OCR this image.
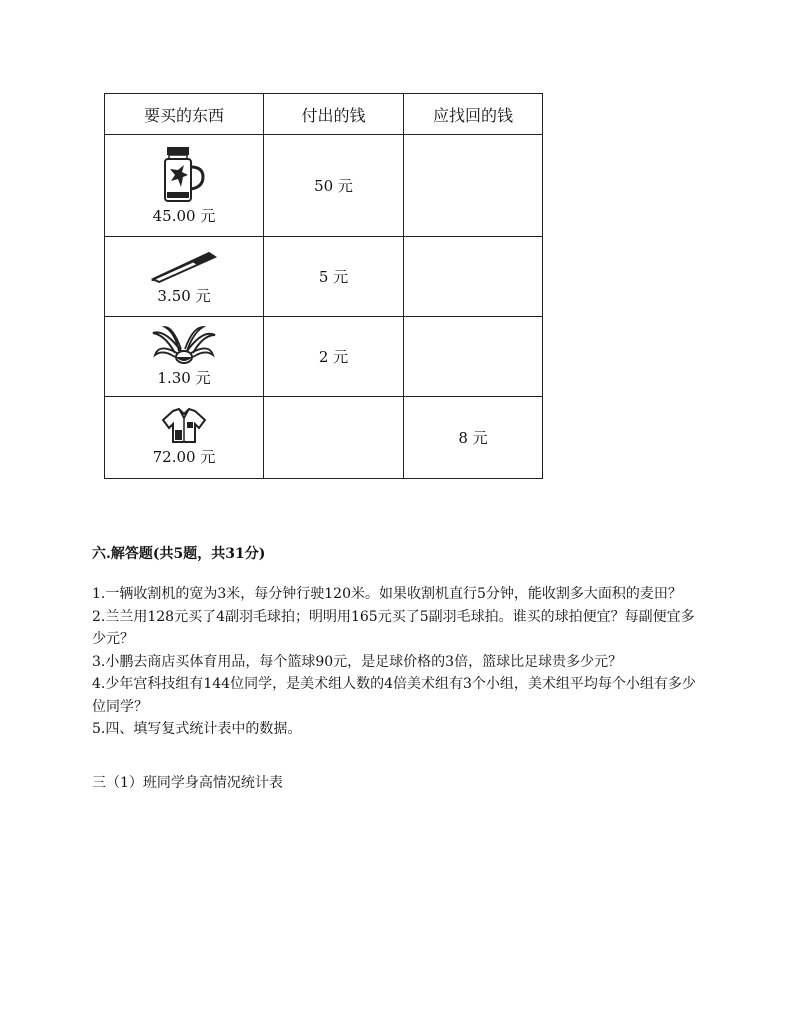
要买的东西	付出的钱	应找回的钱

45.00 元	50 元	

3.50 元	5 元	

1.30 元	2 元	

72.00 元		8 元
六.解答题(共5题，共31分)

1.一辆收割机的宽为3米，每分钟行驶120米。如果收割机直行5分钟，能收割多大面积的麦田？

2.兰兰用128元买了4副羽毛球拍；明明用165元买了5副羽毛球拍。谁买的球拍便宜？每副便宜多少元？

3.小鹏去商店买体育用品，每个篮球90元，是足球价格的3倍，篮球比足球贵多少元？

4.少年宫科技组有144位同学，是美术组人数的4倍美术组有3个小组，美术组平均每个小组有多少位同学？

5.四、填写复式统计表中的数据。

三（1）班同学身高情况统计表
